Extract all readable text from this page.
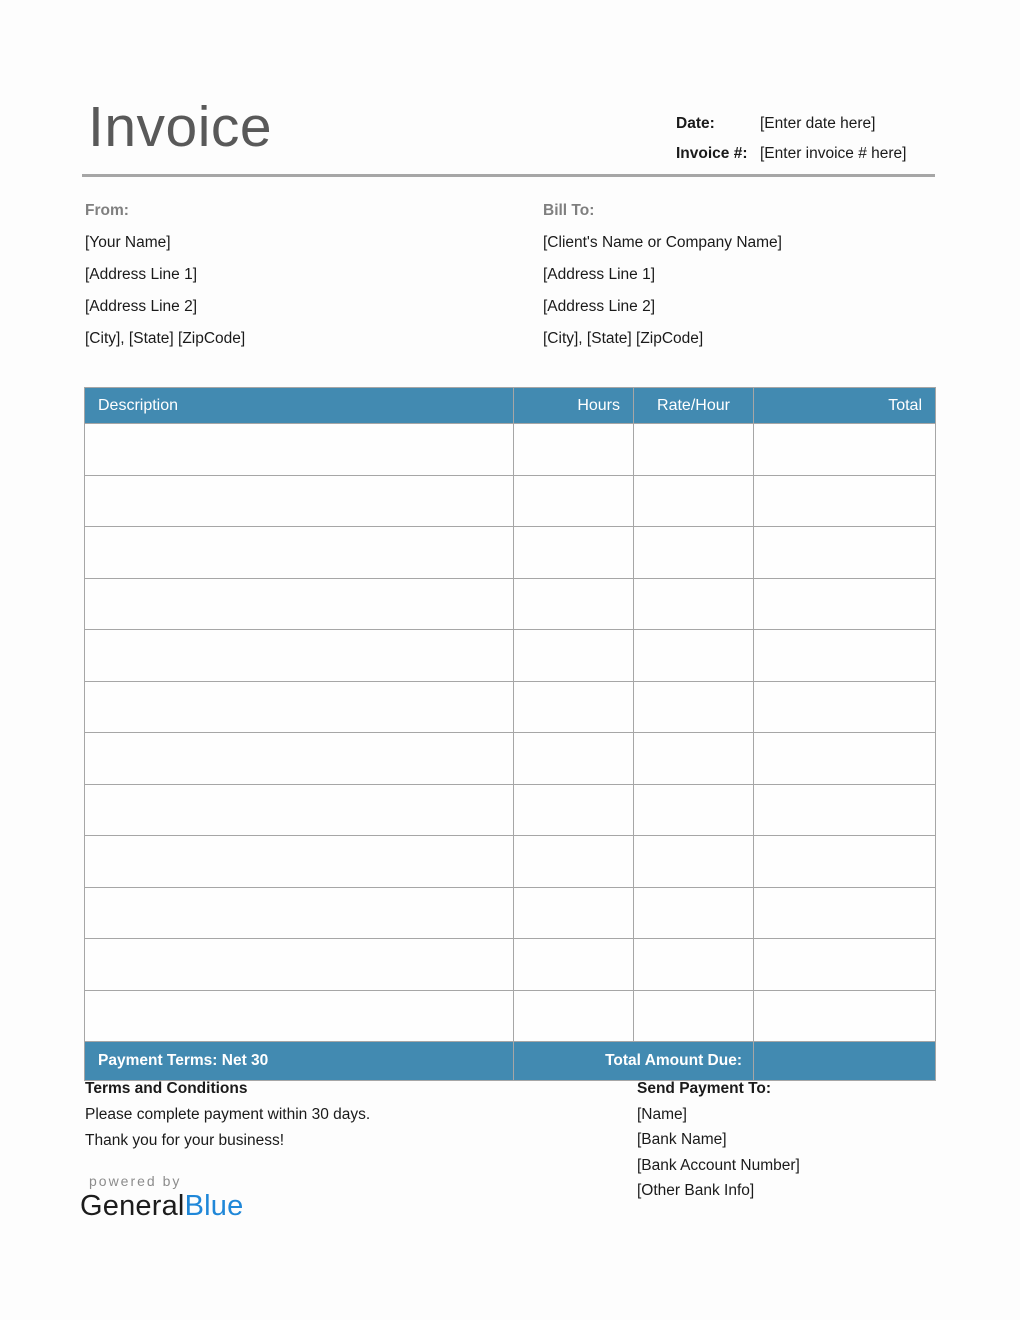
Invoice	Date:	[Enter date here]
Invoice #: [Enter invoice # here]
From:
[Your Name]
[Address Line 1]
[Address Line 2]
[City], [State] [ZipCode]
Bill To:
[Client's Name or Company Name]
[Address Line 1]
[Address Line 2]
[City], [State] [ZipCode]
Description	Hours	Rate/Hour	Total

Payment Terms: Net 30	Total Amount Due:		
Terms and Conditions
Please complete payment within 30 days.
Thank you for your business!
Send Payment To:
[Name]
[Bank Name]
[Bank Account Number]
[Other Bank Info]
powered by
GeneralBlue
